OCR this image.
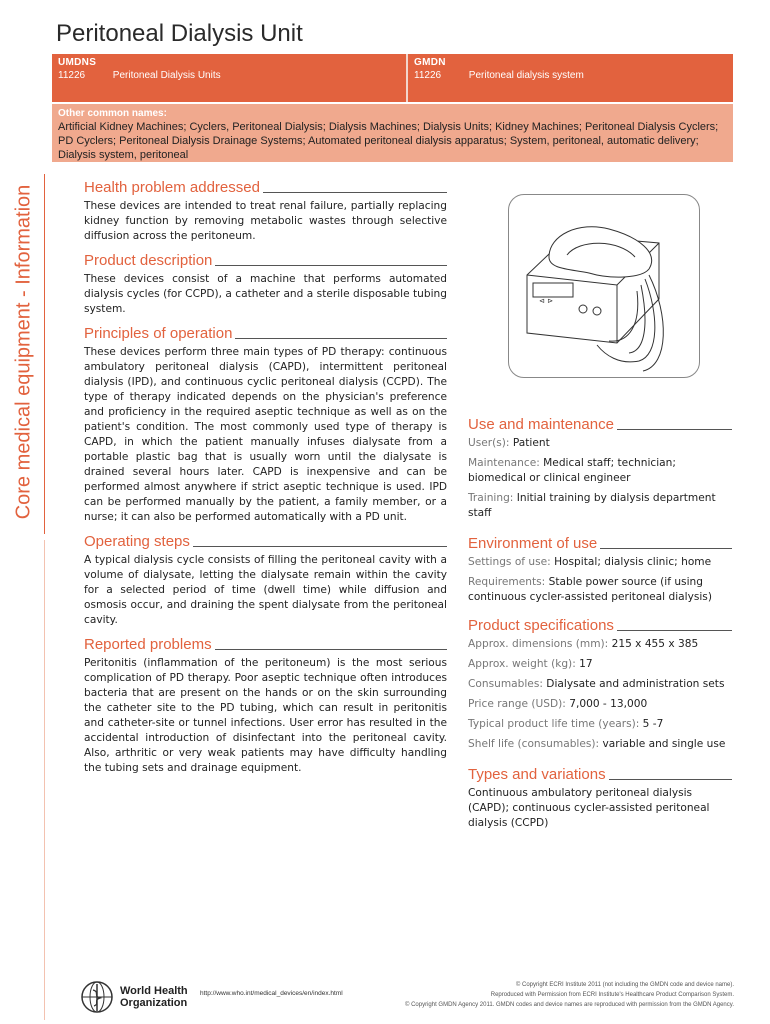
Peritoneal Dialysis Unit
UMDNS
11226	Peritoneal Dialysis Units
GMDN
11226	Peritoneal dialysis system
Other common names:
Artificial Kidney Machines; Cyclers, Peritoneal Dialysis; Dialysis Machines; Dialysis Units; Kidney Machines; Peritoneal Dialysis Cyclers; PD Cyclers; Peritoneal Dialysis Drainage Systems; Automated peritoneal dialysis apparatus; System, peritoneal, automatic delivery; Dialysis system, peritoneal
Core medical equipment - Information	Health problem addressed

These devices are intended to treat renal failure, partially replacing kidney function by removing metabolic wastes through selective diffusion across the peritoneum.

Product description

These devices consist of a machine that performs automated dialysis cycles (for CCPD), a catheter and a sterile disposable tubing system.

Principles of operation

These devices perform three main types of PD therapy: continuous ambulatory peritoneal dialysis (CAPD), intermittent peritoneal dialysis (IPD), and continuous cyclic peritoneal dialysis (CCPD). The type of therapy indicated depends on the physician's preference and proficiency in the required aseptic technique as well as on the patient's condition. The most commonly used type of therapy is CAPD, in which the patient manually infuses dialysate from a portable plastic bag that is usually worn until the dialysate is drained several hours later. CAPD is inexpensive and can be performed almost anywhere if strict aseptic technique is used. IPD can be performed manually by the patient, a family member, or a nurse; it can also be performed automatically with a PD unit.

Operating steps

A typical dialysis cycle consists of filling the peritoneal cavity with a volume of dialysate, letting the dialysate remain within the cavity for a selected period of time (dwell time) while diffusion and osmosis occur, and draining the spent dialysate from the peritoneal cavity.

Reported problems

Peritonitis (inflammation of the peritoneum) is the most serious complication of PD therapy. Poor aseptic technique often introduces bacteria that are present on the hands or on the skin surrounding the catheter site to the PD tubing, which can result in peritonitis and catheter-site or tunnel infections. User error has resulted in the accidental introduction of disinfectant into the peritoneal cavity. Also, arthritic or very weak patients may have difficulty handling the tubing sets and drainage equipment.

⊲ ⊳
Use and maintenance
User(s): Patient
Maintenance: Medical staff; technician; biomedical or clinical engineer
Training: Initial training by dialysis department staff
Environment of use
Settings of use: Hospital; dialysis clinic; home
Requirements: Stable power source (if using continuous cycler-assisted peritoneal dialysis)
Product specifications
Approx. dimensions (mm): 215 x 455 x 385
Approx. weight (kg): 17
Consumables: Dialysate and administration sets
Price range (USD): 7,000 - 13,000
Typical product life time (years): 5 -7
Shelf life (consumables): variable and single use
Types and variations
Continuous ambulatory peritoneal dialysis (CAPD); continuous cycler-assisted peritoneal dialysis (CCPD)
World Health
Organization
http://www.who.int/medical_devices/en/index.html
© Copyright ECRI Institute 2011 (not including the GMDN code and device name).
Reproduced with Permission from ECRI Institute's Healthcare Product Comparison System.
© Copyright GMDN Agency 2011. GMDN codes and device names are reproduced with permission from the GMDN Agency.
